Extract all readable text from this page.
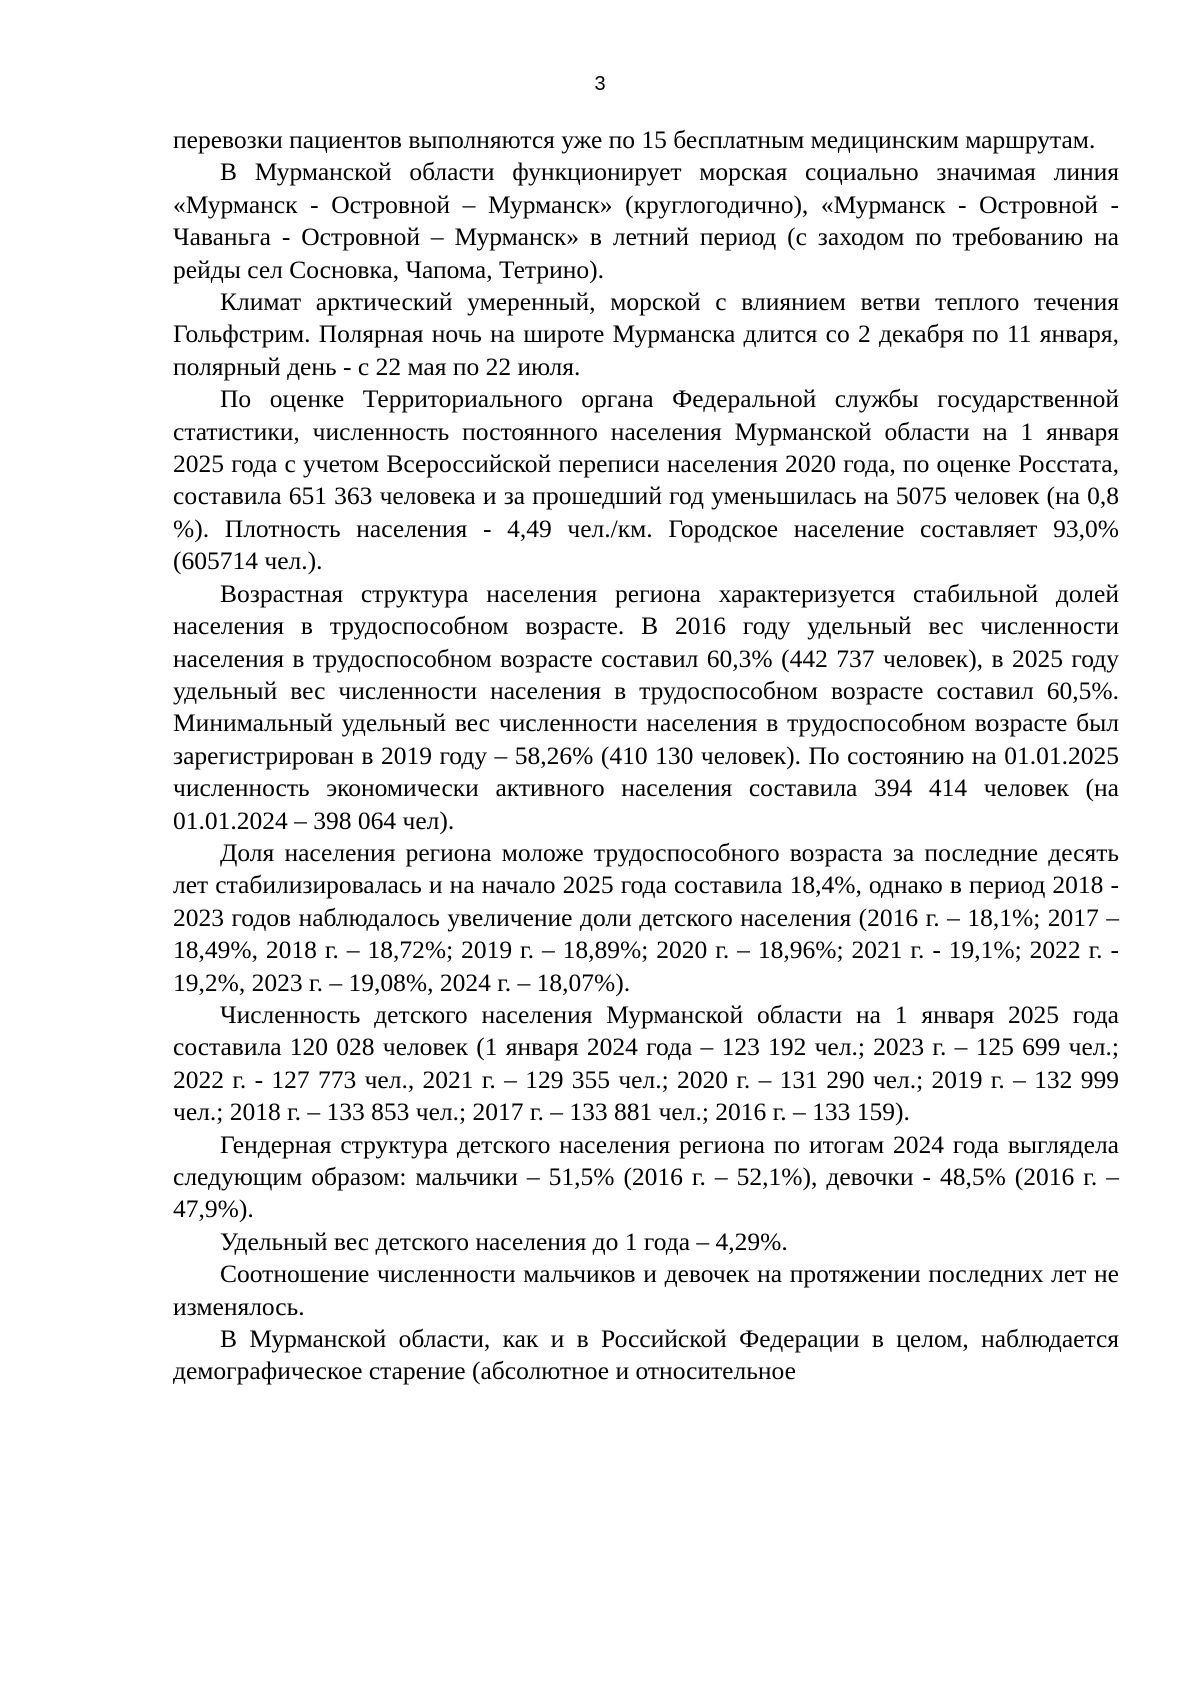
3

перевозки пациентов выполняются уже по 15 бесплатным медицинским маршрутам.

В Мурманской области функционирует морская социально значимая линия «Мурманск - Островной – Мурманск» (круглогодично), «Мурманск - Островной - Чаваньга - Островной – Мурманск» в летний период (с заходом по требованию на рейды сел Сосновка, Чапома, Тетрино).

Климат арктический умеренный, морской с влиянием ветви теплого течения Гольфстрим. Полярная ночь на широте Мурманска длится со 2 декабря по 11 января, полярный день - с 22 мая по 22 июля.

По оценке Территориального органа Федеральной службы государственной статистики, численность постоянного населения Мурманской области на 1 января 2025 года с учетом Всероссийской переписи населения 2020 года, по оценке Росстата, составила 651 363 человека и за прошедший год уменьшилась на 5075 человек (на 0,8 %). Плотность населения - 4,49 чел./км. Городское население составляет 93,0% (605714 чел.).

Возрастная структура населения региона характеризуется стабильной долей населения в трудоспособном возрасте. В 2016 году удельный вес численности населения в трудоспособном возрасте составил 60,3% (442 737 человек), в 2025 году удельный вес численности населения в трудоспособном возрасте составил 60,5%. Минимальный удельный вес численности населения в трудоспособном возрасте был зарегистрирован в 2019 году – 58,26% (410 130 человек). По состоянию на 01.01.2025 численность экономически активного населения составила 394 414 человек (на 01.01.2024 – 398 064 чел).

Доля населения региона моложе трудоспособного возраста за последние десять лет стабилизировалась и на начало 2025 года составила 18,4%, однако в период 2018 - 2023 годов наблюдалось увеличение доли детского населения (2016 г. – 18,1%; 2017 – 18,49%, 2018 г. – 18,72%; 2019 г. – 18,89%; 2020 г. – 18,96%; 2021 г. - 19,1%; 2022 г. - 19,2%, 2023 г. – 19,08%, 2024 г. – 18,07%).

Численность детского населения Мурманской области на 1 января 2025 года составила 120 028 человек (1 января 2024 года – 123 192 чел.; 2023 г. – 125 699 чел.; 2022 г. - 127 773 чел., 2021 г. – 129 355 чел.; 2020 г. – 131 290 чел.; 2019 г. – 132 999 чел.; 2018 г. – 133 853 чел.; 2017 г. – 133 881 чел.; 2016 г. – 133 159).

Гендерная структура детского населения региона по итогам 2024 года выглядела следующим образом: мальчики – 51,5% (2016 г. – 52,1%), девочки - 48,5% (2016 г. – 47,9%).

Удельный вес детского населения до 1 года – 4,29%.

Соотношение численности мальчиков и девочек на протяжении последних лет не изменялось.

В Мурманской области, как и в Российской Федерации в целом, наблюдается демографическое старение (абсолютное и относительное
